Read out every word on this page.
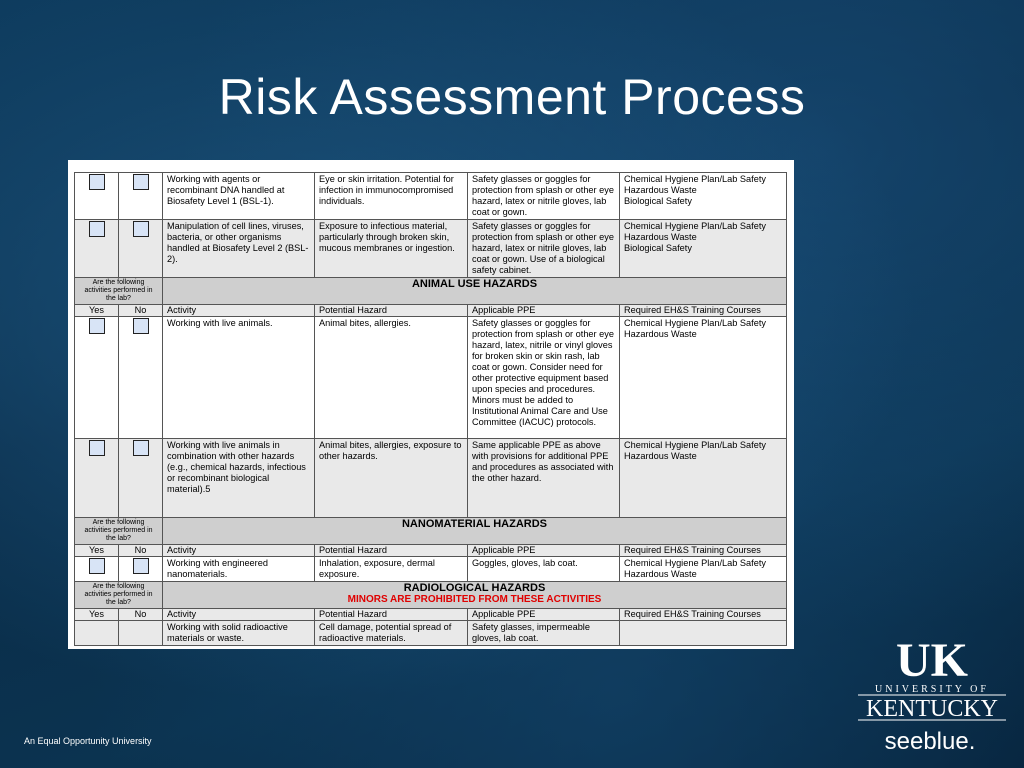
Risk Assessment Process
		Working with agents or recombinant DNA handled at Biosafety Level 1 (BSL-1).	Eye or skin irritation. Potential for infection in immunocompromised individuals.	Safety glasses or goggles for protection from splash or other eye hazard, latex or nitrile gloves, lab coat or gown.	Chemical Hygiene Plan/Lab Safety
Hazardous Waste
Biological Safety
		Manipulation of cell lines, viruses, bacteria, or other organisms handled at Biosafety Level 2 (BSL-2).	Exposure to infectious material, particularly through broken skin, mucous membranes or ingestion.	Safety glasses or goggles for protection from splash or other eye hazard, latex or nitrile gloves, lab coat or gown. Use of a biological safety cabinet.	Chemical Hygiene Plan/Lab Safety
Hazardous Waste
Biological Safety
Are the following activities performed in the lab?		ANIMAL USE HAZARDS			
Yes	No	Activity	Potential Hazard	Applicable PPE	Required EH&S Training Courses
		Working with live animals.	Animal bites, allergies.	Safety glasses or goggles for protection from splash or other eye hazard, latex, nitrile or vinyl gloves for broken skin or skin rash, lab coat or gown. Consider need for other protective equipment based upon species and procedures. Minors must be added to Institutional Animal Care and Use Committee (IACUC) protocols.	Chemical Hygiene Plan/Lab Safety
Hazardous Waste
		Working with live animals in combination with other hazards (e.g., chemical hazards, infectious or recombinant biological material).5	Animal bites, allergies, exposure to other hazards.	Same applicable PPE as above with provisions for additional PPE and procedures as associated with the other hazard.	Chemical Hygiene Plan/Lab Safety
Hazardous Waste
Are the following activities performed in the lab?		NANOMATERIAL HAZARDS			
Yes	No	Activity	Potential Hazard	Applicable PPE	Required EH&S Training Courses
		Working with engineered nanomaterials.	Inhalation, exposure, dermal exposure.	Goggles, gloves, lab coat.	Chemical Hygiene Plan/Lab Safety
Hazardous Waste
Are the following activities performed in the lab?		RADIOLOGICAL HAZARDS
MINORS ARE PROHIBITED FROM THESE ACTIVITIES			

Yes	No	Activity	Potential Hazard	Applicable PPE	Required EH&S Training Courses
		Working with solid radioactive materials or waste.	Cell damage, potential spread of radioactive materials.	Safety glasses, impermeable gloves, lab coat.	
An Equal Opportunity University
UK
UNIVERSITY OF
KENTUCKY
seeblue.
